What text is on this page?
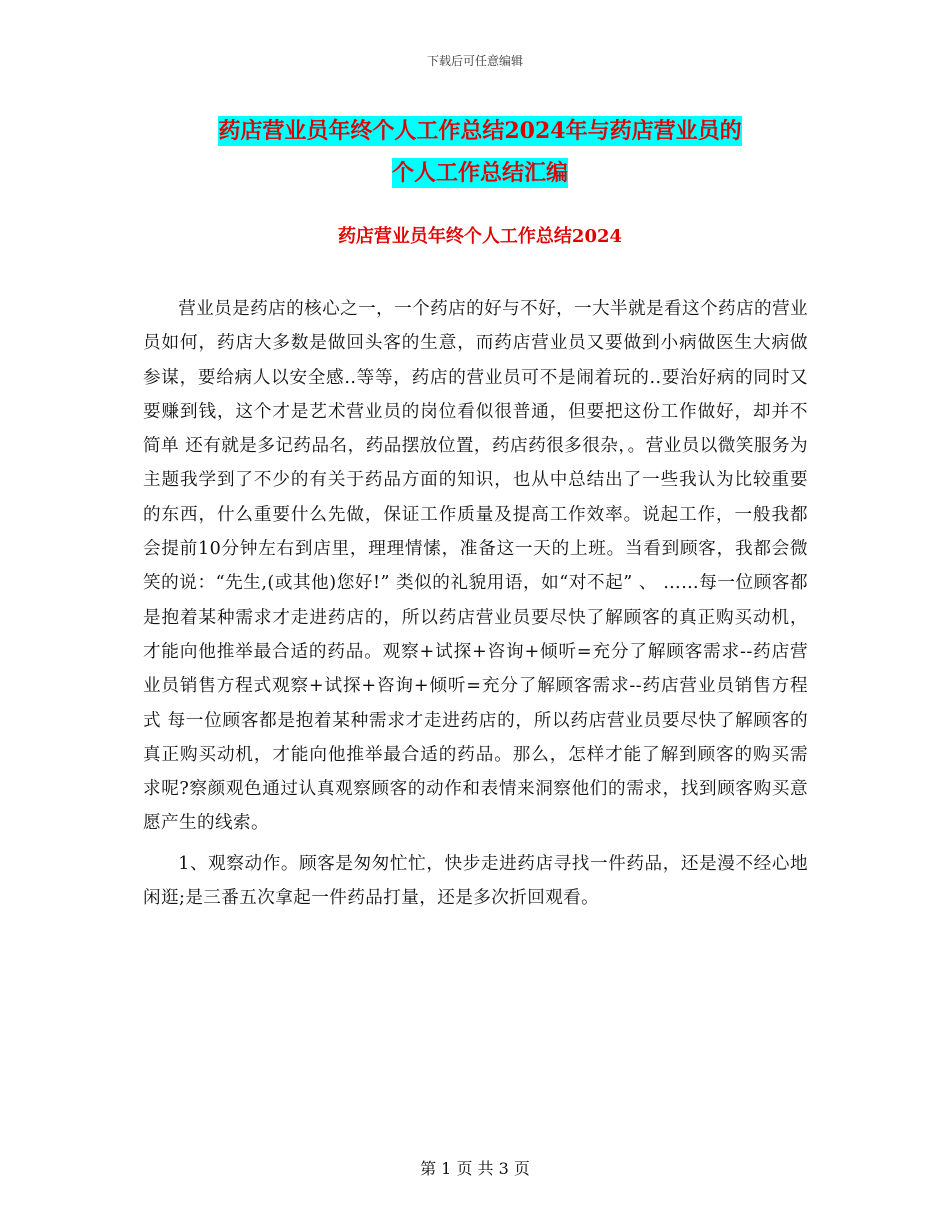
下载后可任意编辑
药店营业员年终个人工作总结2024年与药店营业员的
个人工作总结汇编
药店营业员年终个人工作总结2024

营业员是药店的核心之一，一个药店的好与不好，一大半就是看这个药店的营业员如何，药店大多数是做回头客的生意，而药店营业员又要做到小病做医生大病做参谋，要给病人以安全感..等等，药店的营业员可不是闹着玩的..要治好病的同时又要赚到钱，这个才是艺术营业员的岗位看似很普通，但要把这份工作做好，却并不简单 还有就是多记药品名，药品摆放位置，药店药很多很杂，。营业员以微笑服务为主题我学到了不少的有关于药品方面的知识，也从中总结出了一些我认为比较重要的东西，什么重要什么先做，保证工作质量及提高工作效率。说起工作，一般我都会提前10分钟左右到店里，理理情愫，准备这一天的上班。当看到顾客，我都会微笑的说：“先生,(或其他)您好!” 类似的礼貌用语，如“对不起” 、 ……每一位顾客都是抱着某种需求才走进药店的，所以药店营业员要尽快了解顾客的真正购买动机，才能向他推举最合适的药品。观察+试探+咨询+倾听=充分了解顾客需求--药店营业员销售方程式观察+试探+咨询+倾听=充分了解顾客需求--药店营业员销售方程式 每一位顾客都是抱着某种需求才走进药店的，所以药店营业员要尽快了解顾客的真正购买动机，才能向他推举最合适的药品。那么，怎样才能了解到顾客的购买需求呢?察颜观色通过认真观察顾客的动作和表情来洞察他们的需求，找到顾客购买意愿产生的线索。

1、观察动作。顾客是匆匆忙忙，快步走进药店寻找一件药品，还是漫不经心地闲逛;是三番五次拿起一件药品打量，还是多次折回观看。

第 1 页 共 3 页
